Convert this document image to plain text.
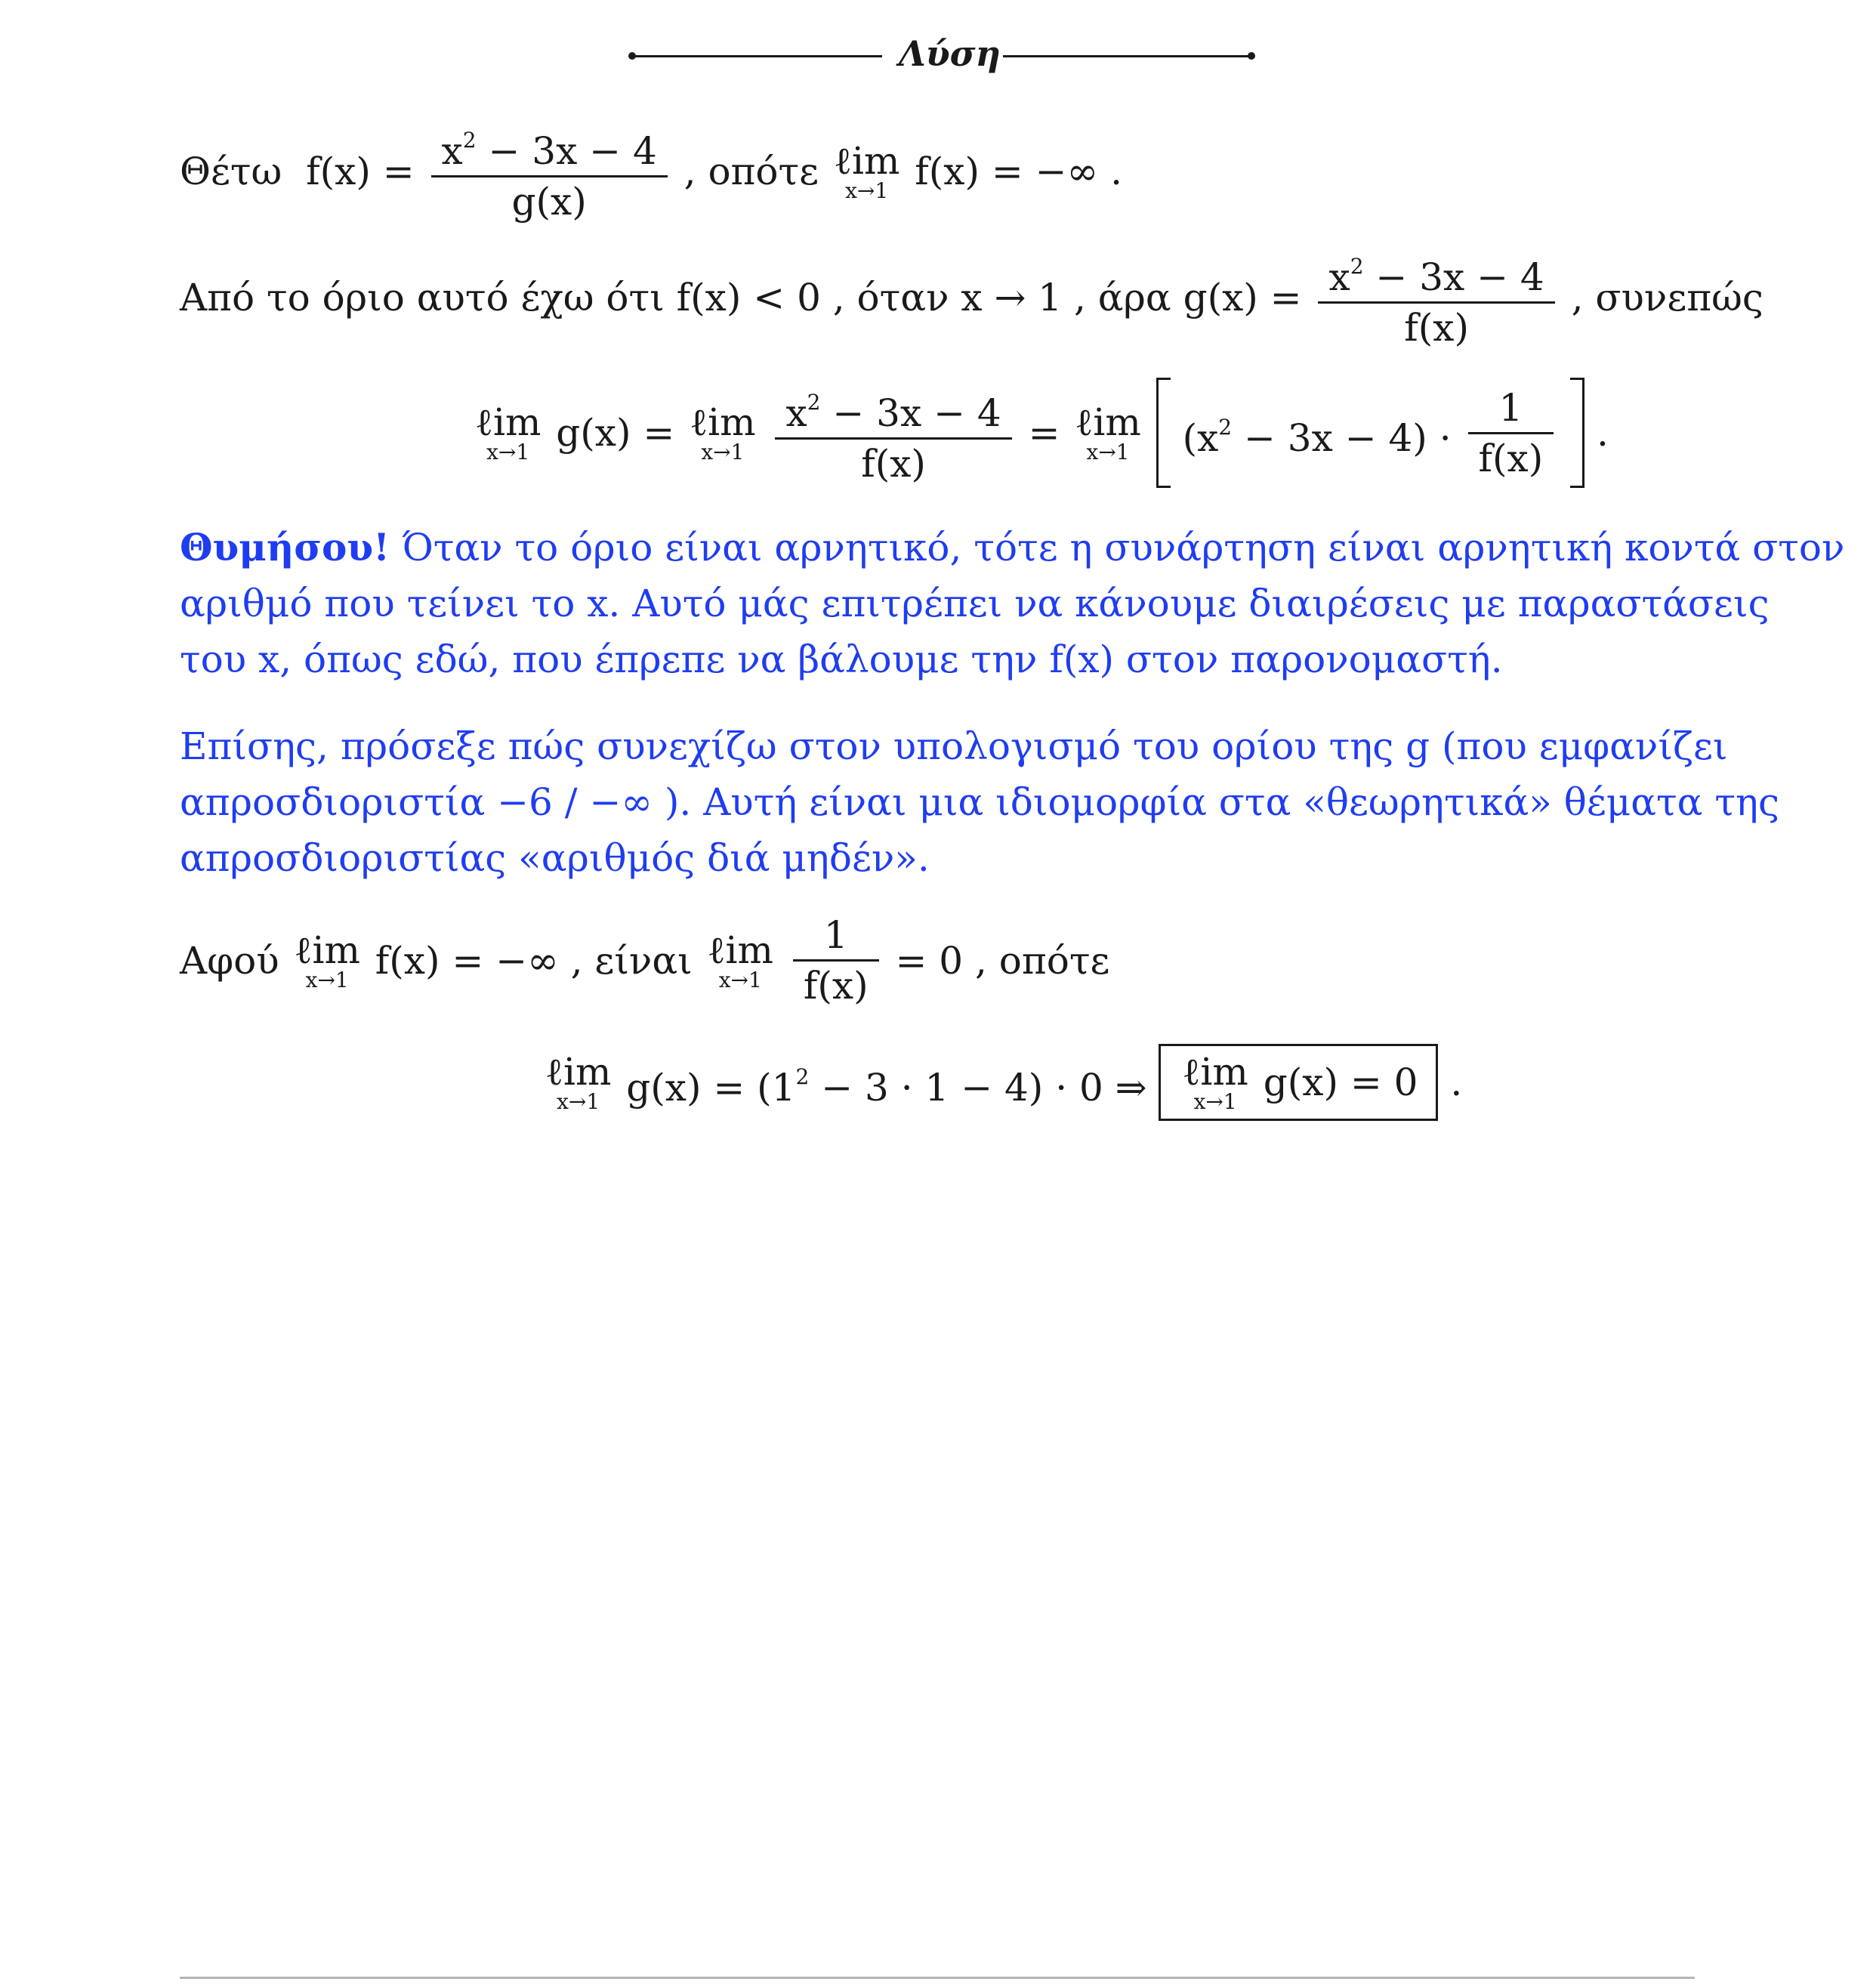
Λύση
Θέτω $f(x) = \frac{x^2 - 3x - 4}{g(x)}$ , οπότε ℓim
x→1 f(x) = −∞ .
Από το όριο αυτό έχω ότι f(x) < 0 , όταν x → 1 , άρα $g(x) = \frac{x^2 - 3x - 4}{f(x)}$ , συνεπώς
ℓim
x→1 g(x) = ℓim
x→1
$\frac{x^2 - 3x - 4}{f(x)}$ = ℓim
x→1 $(x^2 - 3x - 4) \cdot \frac{1}{f(x)}$ .
Θυμήσου! Όταν το όριο είναι αρνητικό, τότε η συνάρτηση είναι αρνητική κοντά στον
αριθμό που τείνει το x. Αυτό μάς επιτρέπει να κάνουμε διαιρέσεις με παραστάσεις
του x, όπως εδώ, που έπρεπε να βάλουμε την f(x) στον παρονομαστή.
Επίσης, πρόσεξε πώς συνεχίζω στον υπολογισμό του ορίου της g (που εμφανίζει
απροσδιοριστία −6 / −∞ ). Αυτή είναι μια ιδιομορφία στα «θεωρητικά» θέματα της
απροσδιοριστίας «αριθμός διά μηδέν».
Αφού ℓim
x→1 f(x) = −∞ , είναι ℓim
x→1
$\frac{1}{f(x)} = 0$ , οπότε
ℓim
x→1 $g(x) = (1^2 - 3 \cdot 1 - 4) \cdot 0$ ⇒ ℓim
x→1 g(x) = 0 .
